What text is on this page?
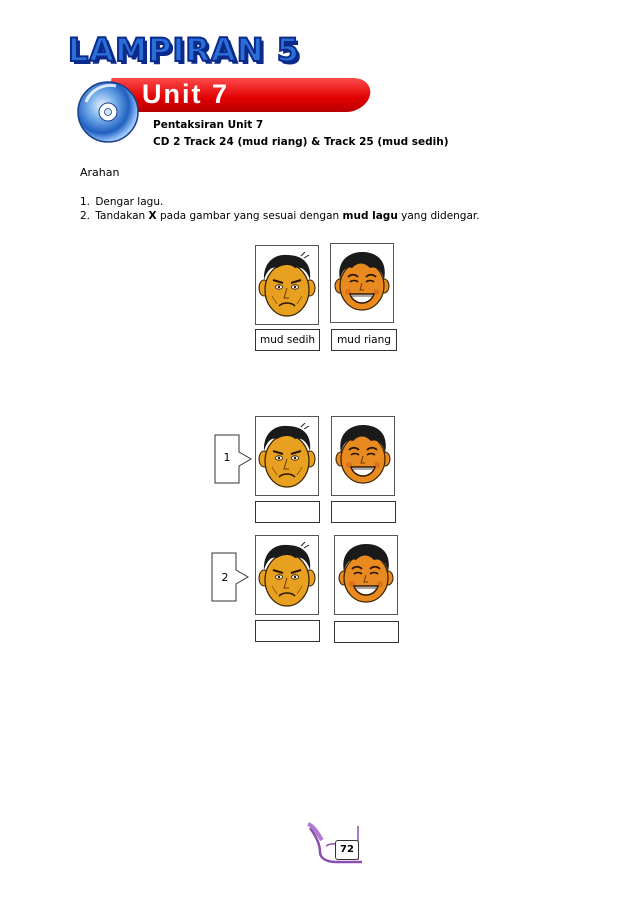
LAMPIRAN 5
Unit 7
Pentaksiran Unit 7
CD 2 Track 24 (mud riang) & Track 25 (mud sedih)
Arahan
1. Dengar lagu.
2. Tandakan X pada gambar yang sesuai dengan mud lagu yang didengar.
mud sedih	mud riang
1
2
72
